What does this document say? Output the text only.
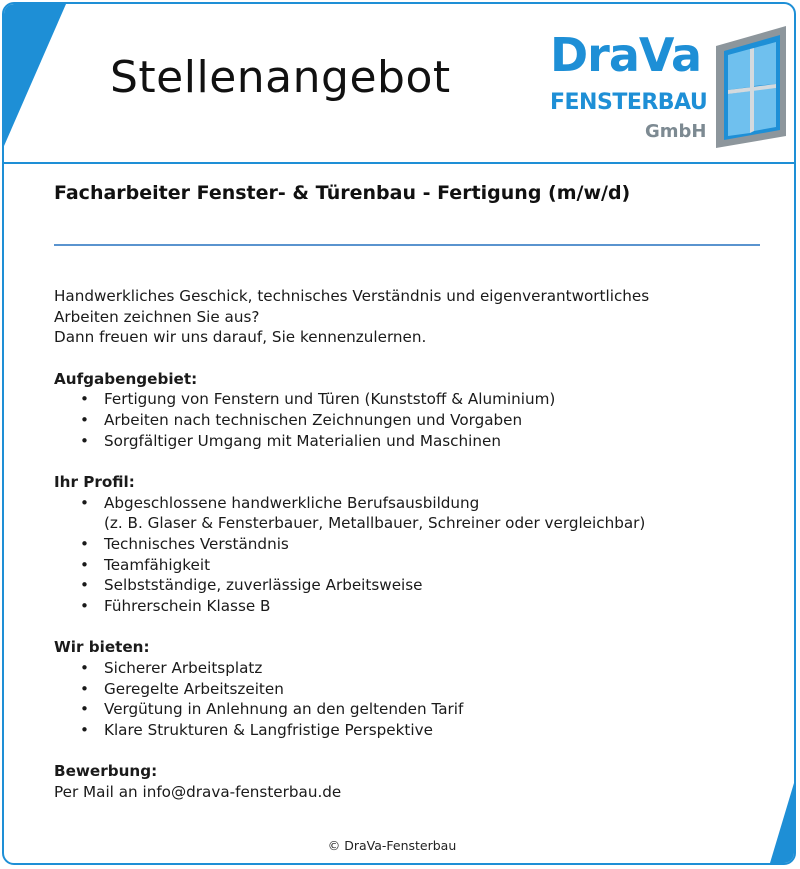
Stellenangebot DraVa
FENSTERBAU
GmbH
Facharbeiter Fenster- & Türenbau - Fertigung (m/w/d)

Handwerkliches Geschick, technisches Verständnis und eigenverantwortliches
Arbeiten zeichnen Sie aus?
Dann freuen wir uns darauf, Sie kennenzulernen.

Aufgabengebiet:

• Fertigung von Fenstern und Türen (Kunststoff & Aluminium)
• Arbeiten nach technischen Zeichnungen und Vorgaben
• Sorgfältiger Umgang mit Materialien und Maschinen

Ihr Profil:

• Abgeschlossene handwerkliche Berufsausbildung
(z. B. Glaser & Fensterbauer, Metallbauer, Schreiner oder vergleichbar)
• Technisches Verständnis
• Teamfähigkeit
• Selbstständige, zuverlässige Arbeitsweise
• Führerschein Klasse B

Wir bieten:

• Sicherer Arbeitsplatz
• Geregelte Arbeitszeiten
• Vergütung in Anlehnung an den geltenden Tarif
• Klare Strukturen & Langfristige Perspektive

Bewerbung:

Per Mail an info@drava-fensterbau.de

© DraVa-Fensterbau
